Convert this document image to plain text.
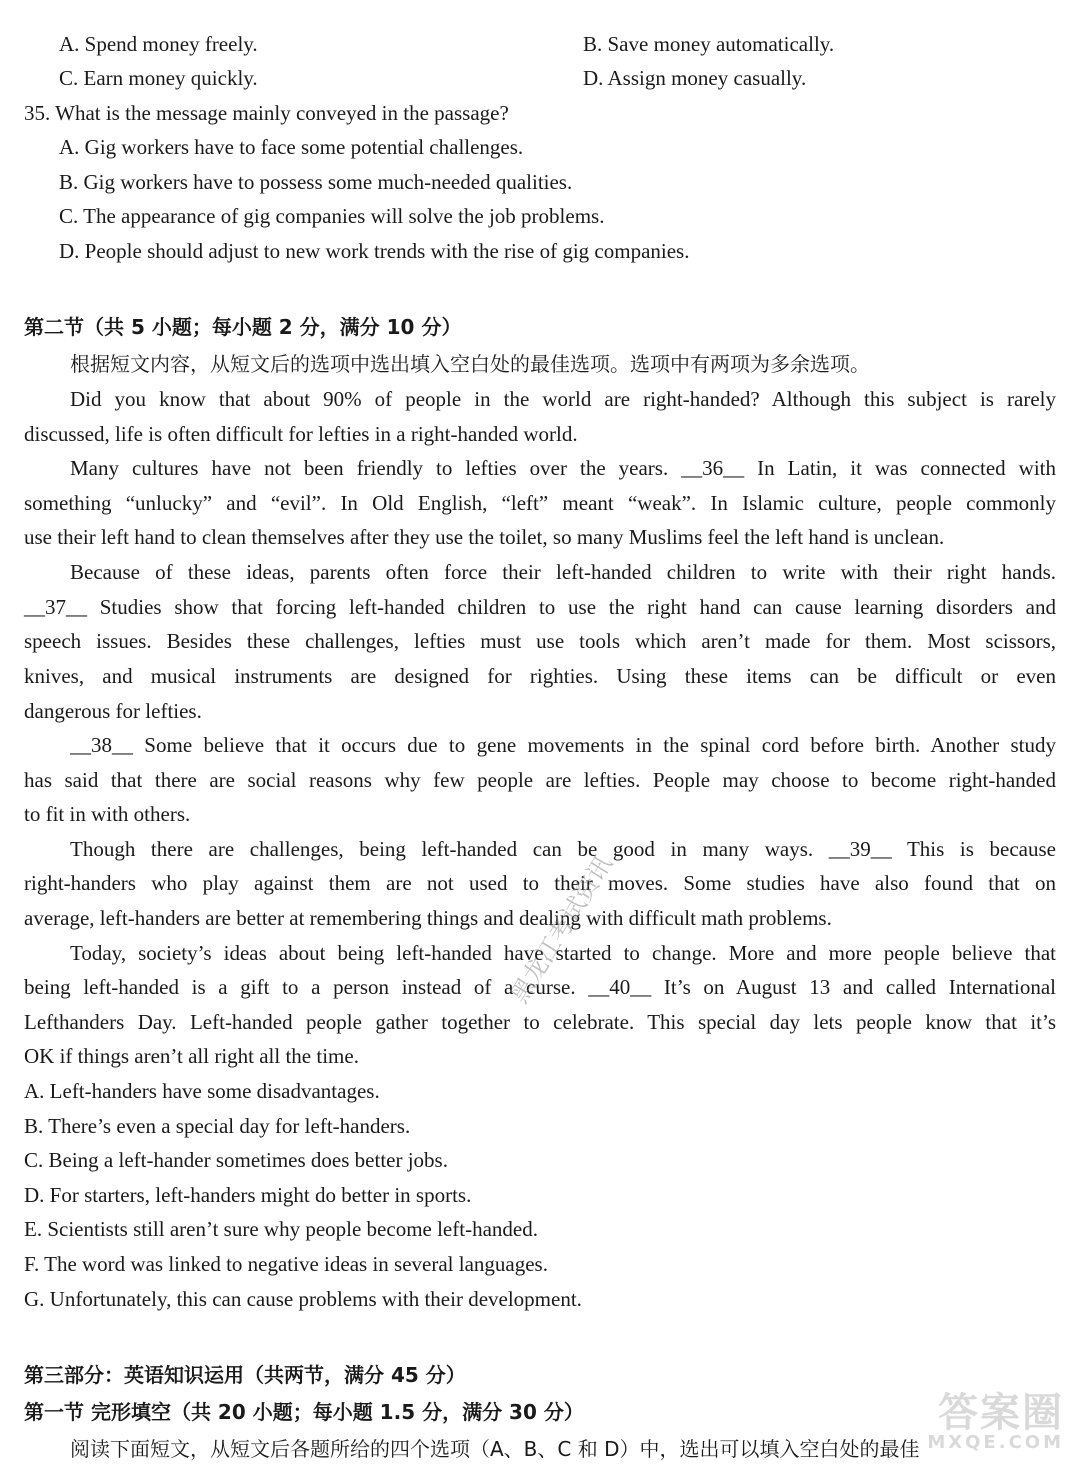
A. Spend money freely.	B. Save money automatically.
C. Earn money quickly.	D. Assign money casually.
35. What is the message mainly conveyed in the passage?
A. Gig workers have to face some potential challenges.
B. Gig workers have to possess some much-needed qualities.
C. The appearance of gig companies will solve the job problems.
D. People should adjust to new work trends with the rise of gig companies.
第二节（共 5 小题；每小题 2 分，满分 10 分）
根据短文内容，从短文后的选项中选出填入空白处的最佳选项。选项中有两项为多余选项。
Did you know that about 90% of people in the world are right-handed? Although this subject is rarely
discussed, life is often difficult for lefties in a right-handed world.
Many cultures have not been friendly to lefties over the years. __36__ In Latin, it was connected with
something “unlucky” and “evil”. In Old English, “left” meant “weak”. In Islamic culture, people commonly
use their left hand to clean themselves after they use the toilet, so many Muslims feel the left hand is unclean.
Because of these ideas, parents often force their left-handed children to write with their right hands.
__37__ Studies show that forcing left-handed children to use the right hand can cause learning disorders and
speech issues. Besides these challenges, lefties must use tools which aren’t made for them. Most scissors,
knives, and musical instruments are designed for righties. Using these items can be difficult or even
dangerous for lefties.
__38__ Some believe that it occurs due to gene movements in the spinal cord before birth. Another study
has said that there are social reasons why few people are lefties. People may choose to become right-handed
to fit in with others.
Though there are challenges, being left-handed can be good in many ways. __39__ This is because
right-handers who play against them are not used to their moves. Some studies have also found that on
average, left-handers are better at remembering things and dealing with difficult math problems.
Today, society’s ideas about being left-handed have started to change. More and more people believe that
being left-handed is a gift to a person instead of a curse. __40__ It’s on August 13 and called International
Lefthanders Day. Left-handed people gather together to celebrate. This special day lets people know that it’s
OK if things aren’t all right all the time.
A. Left-handers have some disadvantages.
B. There’s even a special day for left-handers.
C. Being a left-hander sometimes does better jobs.
D. For starters, left-handers might do better in sports.
E. Scientists still aren’t sure why people become left-handed.
F. The word was linked to negative ideas in several languages.
G. Unfortunately, this can cause problems with their development.
第三部分：英语知识运用（共两节，满分 45 分）
第一节 完形填空（共 20 小题；每小题 1.5 分，满分 30 分）
阅读下面短文，从短文后各题所给的四个选项（A、B、C 和 D）中，选出可以填入空白处的最佳
黑龙江考试资讯
答案圈
MXQE.COM
